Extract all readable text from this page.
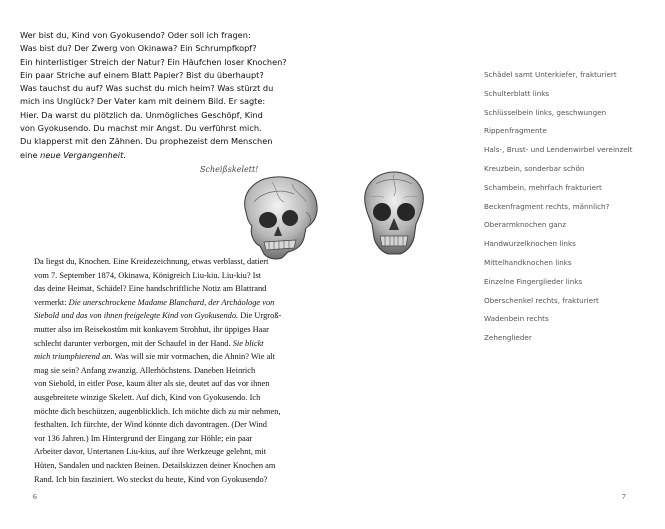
Wer bist du, Kind von Gyokusendo? Oder soll ich fragen:
Was bist du? Der Zwerg von Okinawa? Ein Schrumpfkopf?
Ein hinterlistiger Streich der Natur? Ein Häufchen loser Knochen?
Ein paar Striche auf einem Blatt Papier? Bist du überhaupt?
Was tauchst du auf? Was suchst du mich heim? Was stürzt du
mich ins Unglück? Der Vater kam mit deinem Bild. Er sagte:
Hier. Da warst du plötzlich da. Unmögliches Geschöpf, Kind
von Gyokusendo. Du machst mir Angst. Du verführst mich.
Du klapperst mit den Zähnen. Du prophezeist dem Menschen
eine neue Vergangenheit.
Scheißskelett!
Da liegst du, Knochen. Eine Kreidezeichnung, etwas verblasst, datiert
vom 7. September 1874, Okinawa, Königreich Liu-kiu. Liu-kiu? Ist
das deine Heimat, Schädel? Eine handschriftliche Notiz am Blattrand
vermerkt: Die unerschrockene Madame Blanchard, der Archäologe von
Siebold und das von ihnen freigelegte Kind von Gyokusendo. Die Urgroß-
mutter also im Reisekostüm mit konkavem Strohhut, ihr üppiges Haar
schlecht darunter verborgen, mit der Schaufel in der Hand. Sie blickt
mich triumphierend an. Was will sie mir vormachen, die Ahnin? Wie alt
mag sie sein? Anfang zwanzig. Allerhöchstens. Daneben Heinrich
von Siebold, in eitler Pose, kaum älter als sie, deutet auf das vor ihnen
ausgebreitete winzige Skelett. Auf dich, Kind von Gyokusendo. Ich
möchte dich beschützen, augenblicklich. Ich möchte dich zu mir nehmen,
festhalten. Ich fürchte, der Wind könnte dich davontragen. (Der Wind
vor 136 Jahren.) Im Hintergrund der Eingang zur Höhle; ein paar
Arbeiter davor, Untertanen Liu-kius, auf ihre Werkzeuge gelehnt, mit
Hüten, Sandalen und nackten Beinen. Detailskizzen deiner Knochen am
Rand. Ich bin fasziniert. Wo steckst du heute, Kind von Gyokusendo?
6
Schädel samt Unterkiefer, frakturiert
Schulterblatt links
Schlüsselbein links, geschwungen
Rippenfragmente
Hals-, Brust- und Lendenwirbel vereinzelt
Kreuzbein, sonderbar schön
Schambein, mehrfach frakturiert
Beckenfragment rechts, männlich?
Oberarmknochen ganz
Handwurzelknochen links
Mittelhandknochen links
Einzelne Fingerglieder links
Oberschenkel rechts, frakturiert
Wadenbein rechts
Zehenglieder
7
